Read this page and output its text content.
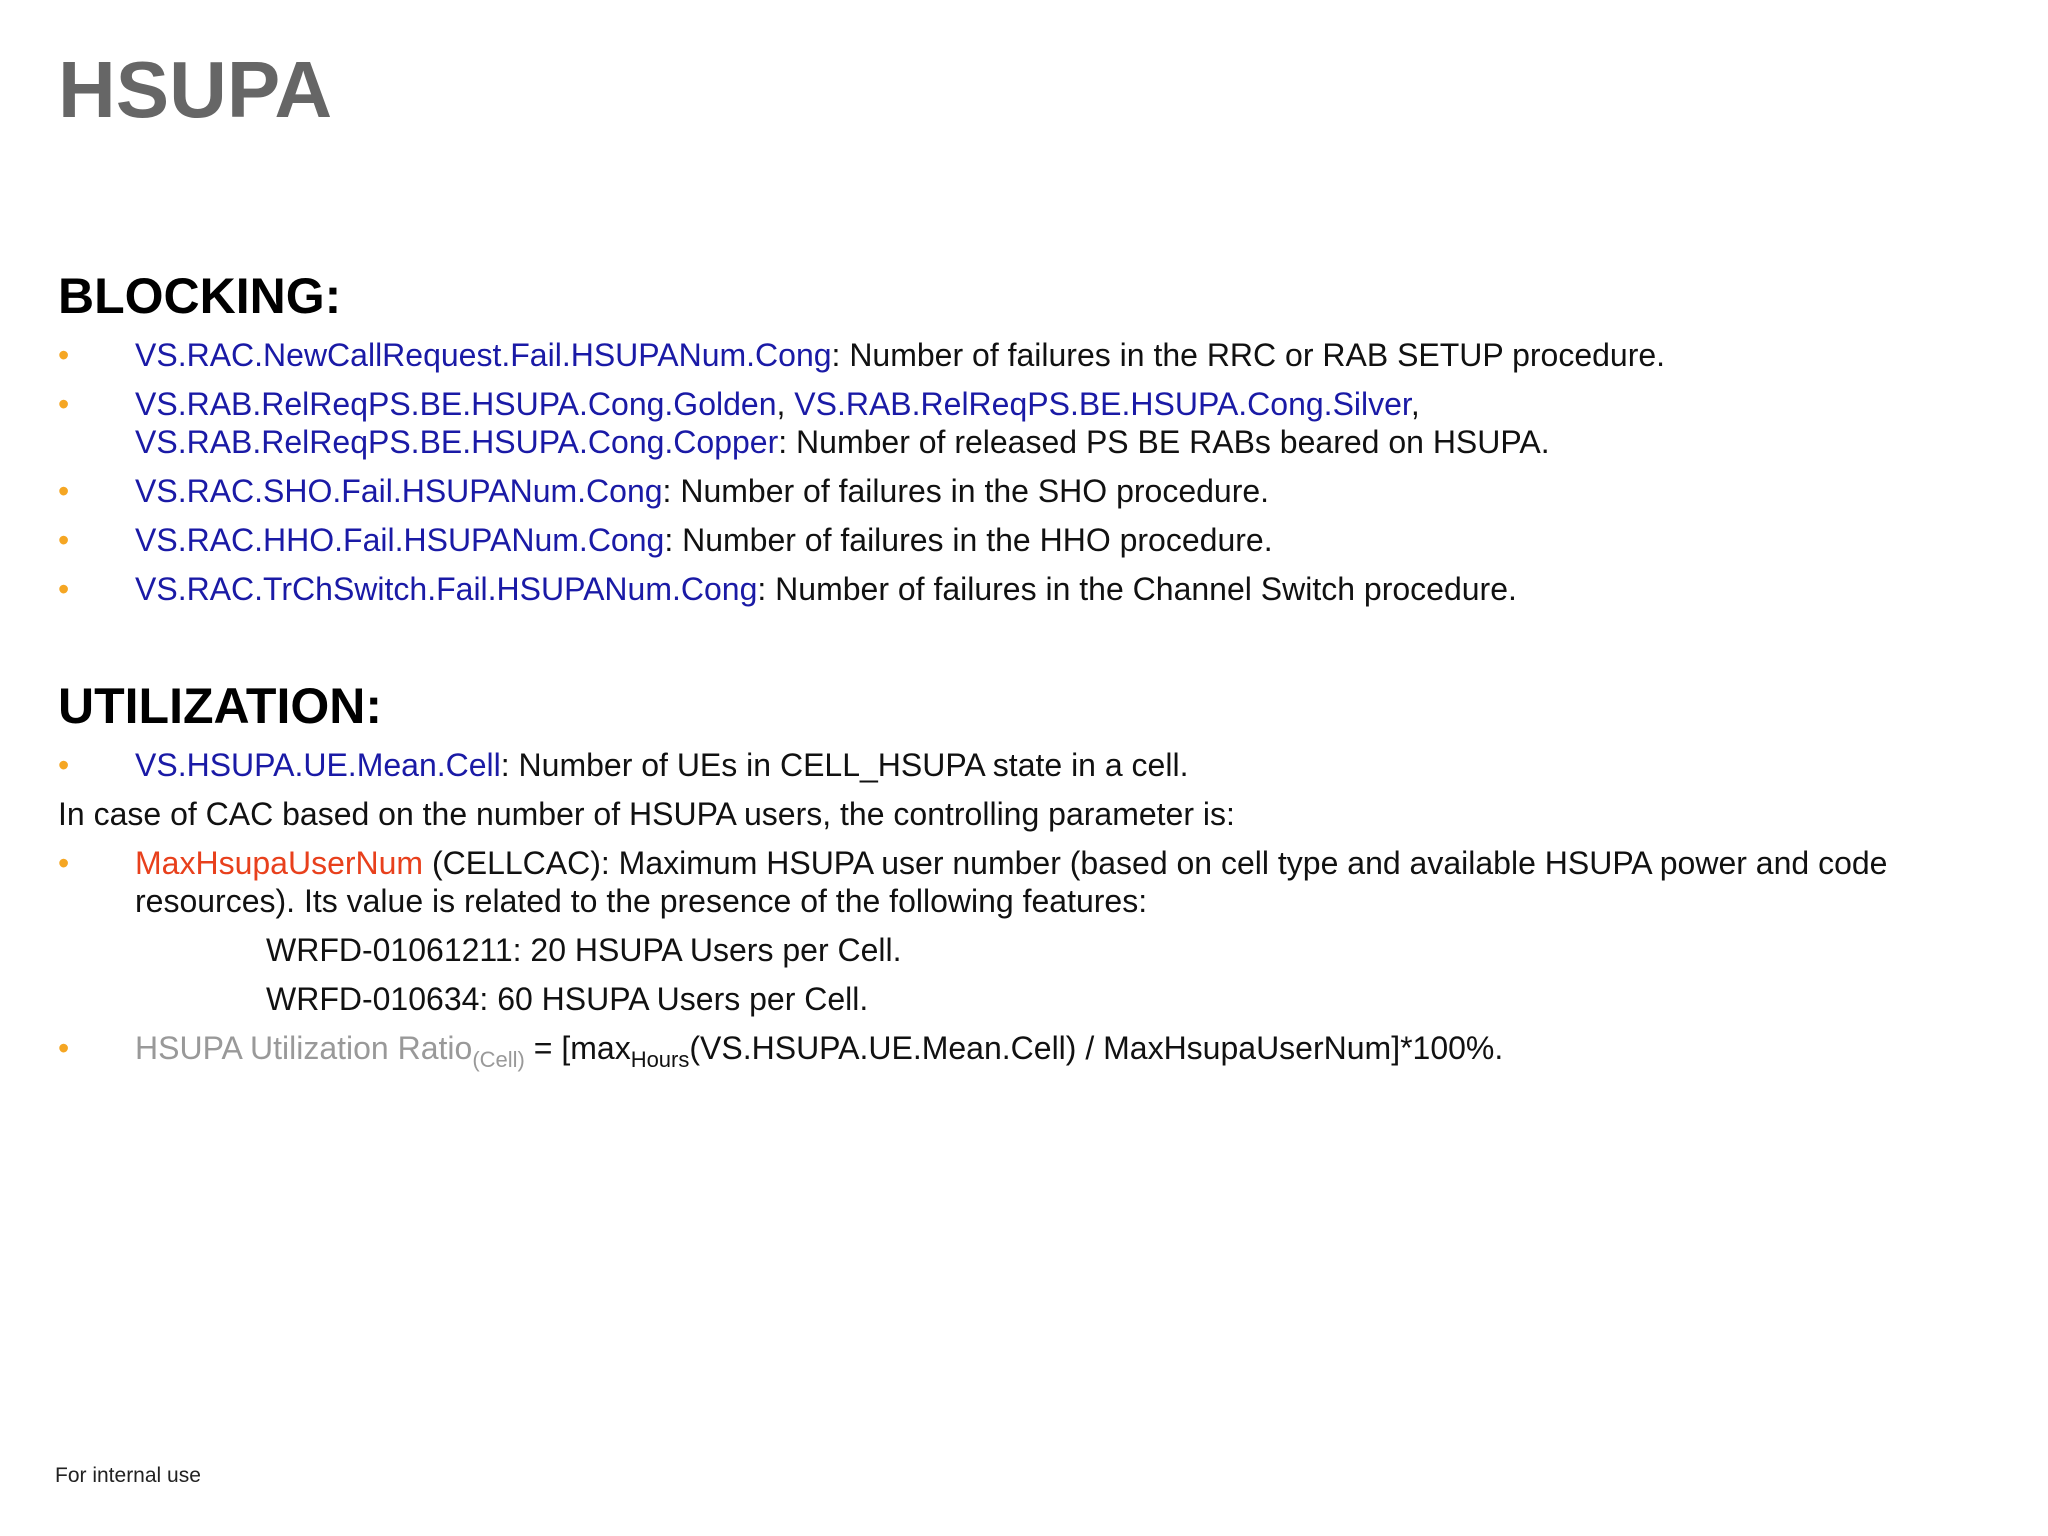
HSUPA
BLOCKING:
• VS.RAC.NewCallRequest.Fail.HSUPANum.Cong: Number of failures in the RRC or RAB SETUP procedure.
• VS.RAB.RelReqPS.BE.HSUPA.Cong.Golden, VS.RAB.RelReqPS.BE.HSUPA.Cong.Silver,
VS.RAB.RelReqPS.BE.HSUPA.Cong.Copper: Number of released PS BE RABs beared on HSUPA.
• VS.RAC.SHO.Fail.HSUPANum.Cong: Number of failures in the SHO procedure.
• VS.RAC.HHO.Fail.HSUPANum.Cong: Number of failures in the HHO procedure.
• VS.RAC.TrChSwitch.Fail.HSUPANum.Cong: Number of failures in the Channel Switch procedure.
UTILIZATION:
• VS.HSUPA.UE.Mean.Cell: Number of UEs in CELL_HSUPA state in a cell.

In case of CAC based on the number of HSUPA users, the controlling parameter is:

• MaxHsupaUserNum (CELLCAC): Maximum HSUPA user number (based on cell type and available HSUPA power and code resources). Its value is related to the presence of the following features:

WRFD-01061211: 20 HSUPA Users per Cell.

WRFD-010634: 60 HSUPA Users per Cell.

• HSUPA Utilization Ratio$_{(Cell)}$ = [$\max_{Hours}(VS.HSUPA.UE.Mean.Cell)$ / MaxHsupaUserNum]*100%.
For internal use
